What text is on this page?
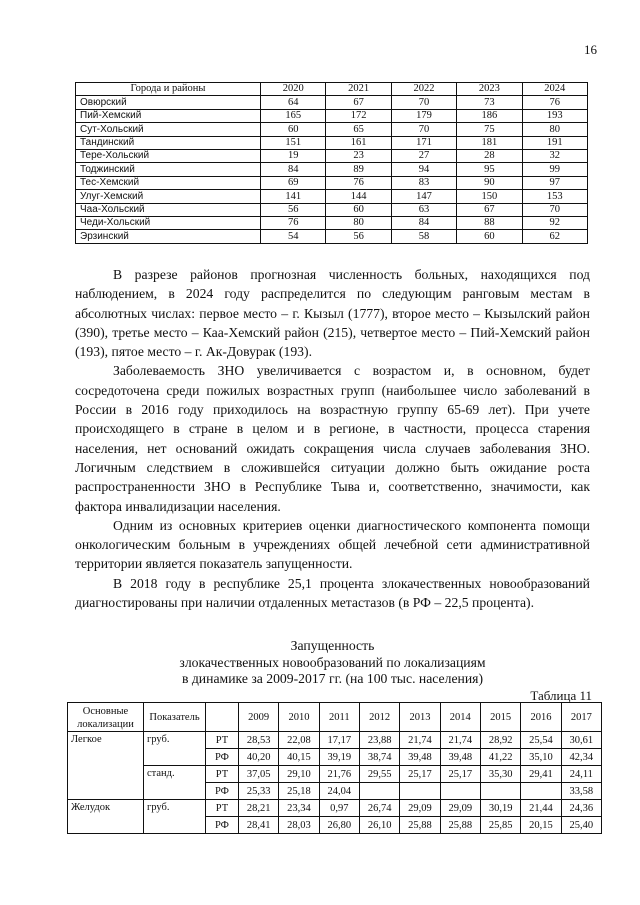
16
Города и районы	2020	2021	2022	2023	2024
Овюрский	64	67	70	73	76
Пий-Хемский	165	172	179	186	193
Сут-Хольский	60	65	70	75	80
Тандинский	151	161	171	181	191
Тере-Хольский	19	23	27	28	32
Тоджинский	84	89	94	95	99
Тес-Хемский	69	76	83	90	97
Улуг-Хемский	141	144	147	150	153
Чаа-Хольский	56	60	63	67	70
Чеди-Хольский	76	80	84	88	92
Эрзинский	54	56	58	60	62

В разрезе районов прогнозная численность больных, находящихся под наблюдением, в 2024 году распределится по следующим ранговым местам в абсолютных числах: первое место – г. Кызыл (1777), второе место – Кызылский район (390), третье место – Каа-Хемский район (215), четвертое место – Пий-Хемский район (193), пятое место – г. Ак-Довурак (193).

Заболеваемость ЗНО увеличивается с возрастом и, в основном, будет сосредоточена среди пожилых возрастных групп (наибольшее число заболеваний в России в 2016 году приходилось на возрастную группу 65-69 лет). При учете происходящего в стране в целом и в регионе, в частности, процесса старения населения, нет оснований ожидать сокращения числа случаев заболевания ЗНО. Логичным следствием в сложившейся ситуации должно быть ожидание роста распространенности ЗНО в Республике Тыва и, соответственно, значимости, как фактора инвалидизации населения.

Одним из основных критериев оценки диагностического компонента помощи онкологическим больным в учреждениях общей лечебной сети административной территории является показатель запущенности.

В 2018 году в республике 25,1 процента злокачественных новообразований диагностированы при наличии отдаленных метастазов (в РФ – 22,5 процента).

Запущенность
злокачественных новообразований по локализациям
в динамике за 2009-2017 гг. (на 100 тыс. населения)
Таблица 11
Основные локализации	Показатель		2009	2010	2011	2012	2013	2014	2015	2016	2017
Легкое	груб.	РТ	28,53	22,08	17,17	23,88	21,74	21,74	28,92	25,54	30,61
		РФ	40,20	40,15	39,19	38,74	39,48	39,48	41,22	35,10	42,34
	станд.	РТ	37,05	29,10	21,76	29,55	25,17	25,17	35,30	29,41	24,11
		РФ	25,33	25,18	24,04						33,58
Желудок	груб.	РТ	28,21	23,34	0,97	26,74	29,09	29,09	30,19	21,44	24,36
		РФ	28,41	28,03	26,80	26,10	25,88	25,88	25,85	20,15	25,40
